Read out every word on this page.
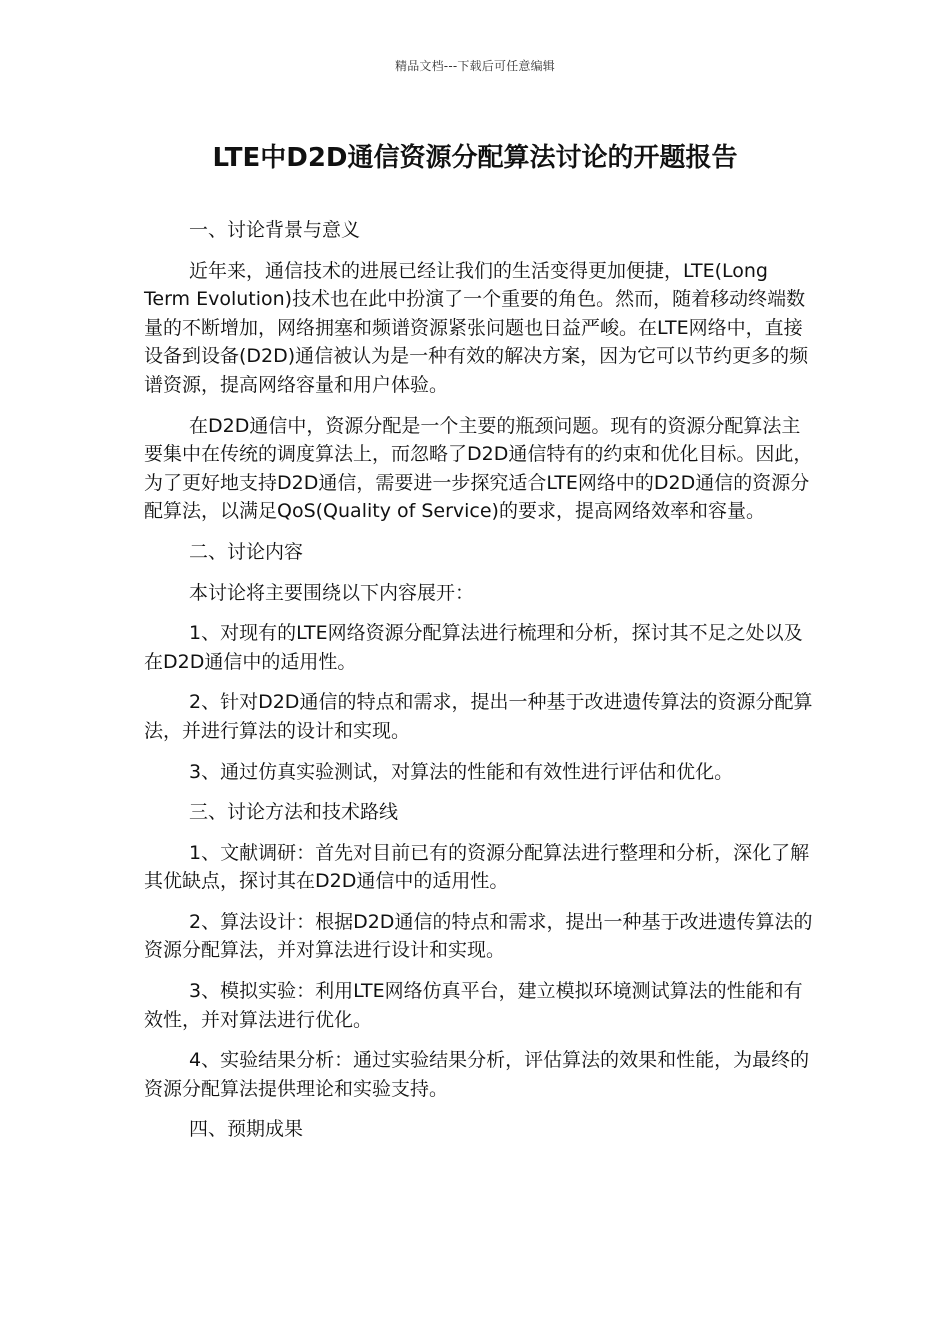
精品文档---下载后可任意编辑
LTE中D2D通信资源分配算法讨论的开题报告

一、讨论背景与意义

近年来，通信技术的进展已经让我们的生活变得更加便捷，LTE(Long Term Evolution)技术也在此中扮演了一个重要的角色。然而，随着移动终端数量的不断增加，网络拥塞和频谱资源紧张问题也日益严峻。在LTE网络中，直接设备到设备(D2D)通信被认为是一种有效的解决方案，因为它可以节约更多的频谱资源，提高网络容量和用户体验。

在D2D通信中，资源分配是一个主要的瓶颈问题。现有的资源分配算法主要集中在传统的调度算法上，而忽略了D2D通信特有的约束和优化目标。因此，为了更好地支持D2D通信，需要进一步探究适合LTE网络中的D2D通信的资源分配算法，以满足QoS(Quality of Service)的要求，提高网络效率和容量。

二、讨论内容

本讨论将主要围绕以下内容展开：

1、对现有的LTE网络资源分配算法进行梳理和分析，探讨其不足之处以及在D2D通信中的适用性。

2、针对D2D通信的特点和需求，提出一种基于改进遗传算法的资源分配算法，并进行算法的设计和实现。

3、通过仿真实验测试，对算法的性能和有效性进行评估和优化。

三、讨论方法和技术路线

1、文献调研：首先对目前已有的资源分配算法进行整理和分析，深化了解其优缺点，探讨其在D2D通信中的适用性。

2、算法设计：根据D2D通信的特点和需求，提出一种基于改进遗传算法的资源分配算法，并对算法进行设计和实现。

3、模拟实验：利用LTE网络仿真平台，建立模拟环境测试算法的性能和有效性，并对算法进行优化。

4、实验结果分析：通过实验结果分析，评估算法的效果和性能，为最终的资源分配算法提供理论和实验支持。

四、预期成果
